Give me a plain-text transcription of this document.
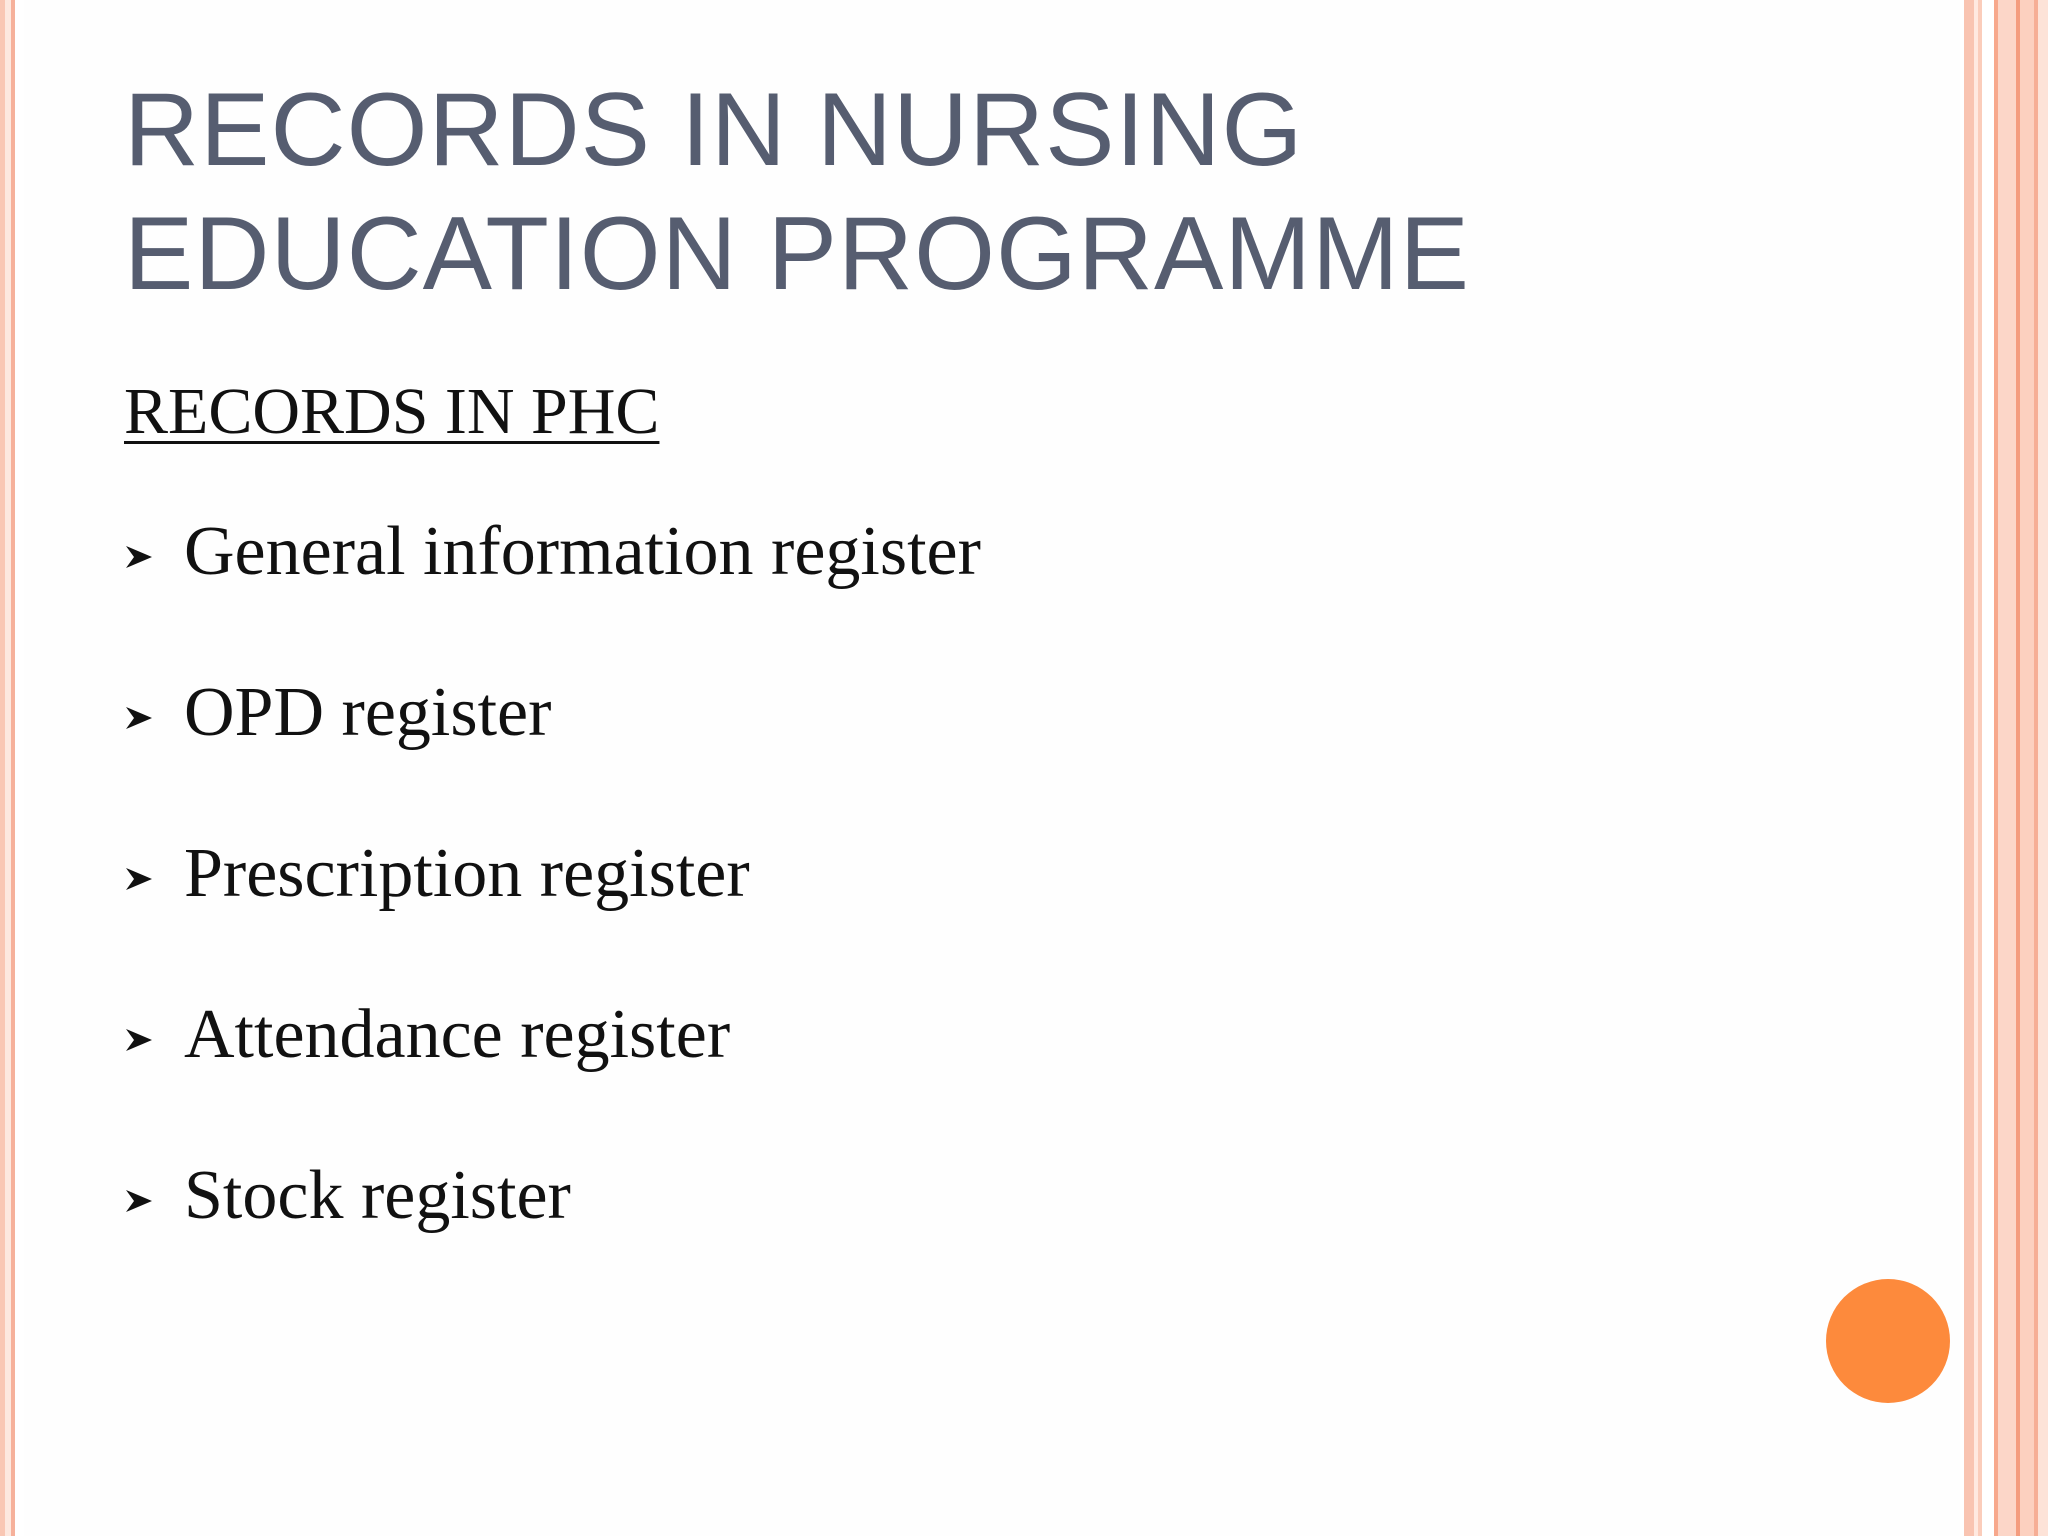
RECORDS IN NURSING
EDUCATION PROGRAMME
RECORDS IN PHC
General information register
OPD register
Prescription register
Attendance register
Stock register
